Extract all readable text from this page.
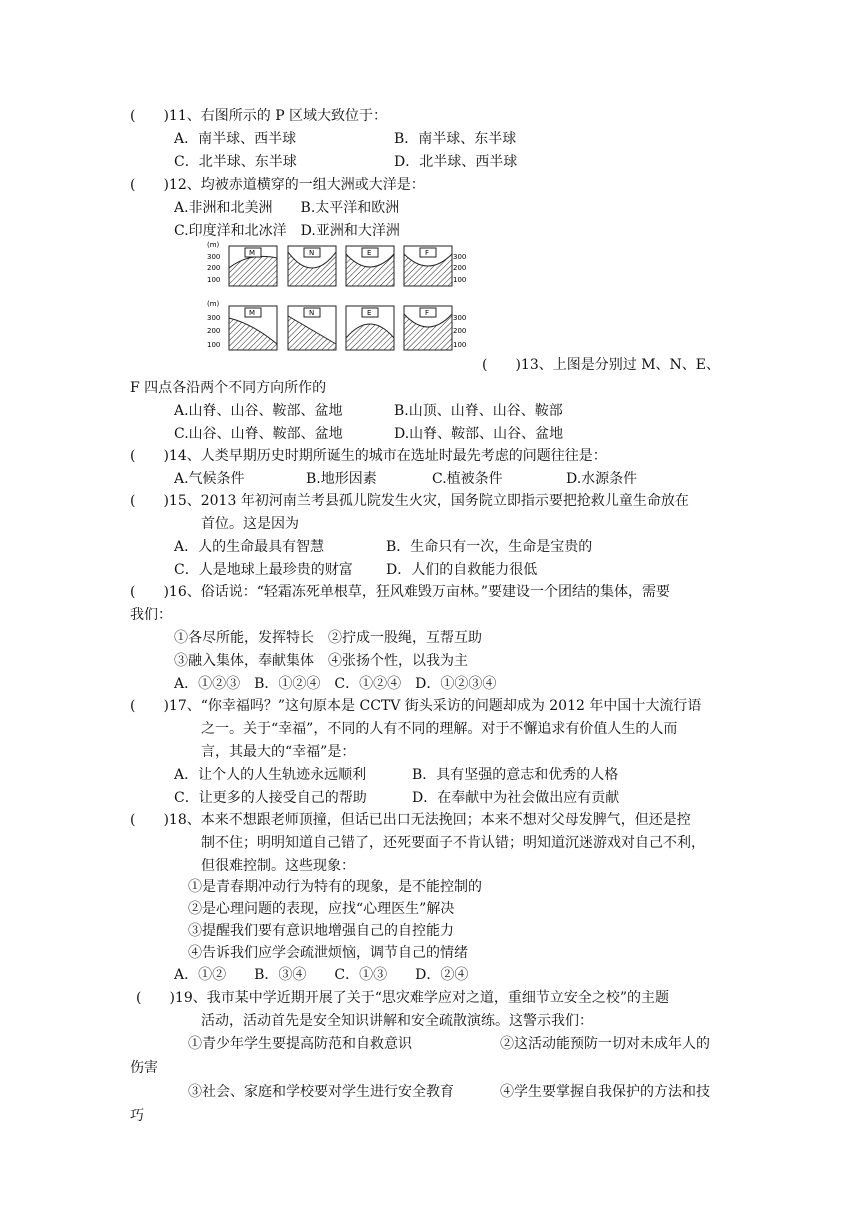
(　　)11、右图所示的 P 区域大致位于：
A．南半球、西半球	B．南半球、东半球
C．北半球、东半球	D．北半球、西半球
(　　)12、均被赤道横穿的一组大洲或大洋是：
A.非洲和北美洲　　B.太平洋和欧洲
C.印度洋和北冰洋　D.亚洲和大洋洲
(m)
300
200
100
300
200
100
M	N	E	F
(m)
300
200
100
300
200
100
M	N	E	F
(　　)13、上图是分别过 M、N、E、
F 四点各沿两个不同方向所作的
A.山脊、山谷、鞍部、盆地	B.山顶、山脊、山谷、鞍部
C.山谷、山脊、鞍部、盆地	D.山脊、鞍部、山谷、盆地
(　　)14、人类早期历史时期所诞生的城市在选址时最先考虑的问题往往是：
A.气候条件	B.地形因素	C.植被条件	D.水源条件
(　　)15、2013 年初河南兰考县孤儿院发生火灾，国务院立即指示要把抢救儿童生命放在
首位。这是因为
A．人的生命最具有智慧	B．生命只有一次，生命是宝贵的
C．人是地球上最珍贵的财富 D．人们的自救能力很低
(　　)16、俗话说：“轻霜冻死单根草，狂风难毁万亩林。”要建设一个团结的集体，需要
我们：
①各尽所能，发挥特长　②拧成一股绳，互帮互助
③融入集体，奉献集体　④张扬个性，以我为主
A．①②③　B．①②④　C．①②④　D．①②③④
(　　)17、“你幸福吗？”这句原本是 CCTV 街头采访的问题却成为 2012 年中国十大流行语
之一。关于“幸福”，不同的人有不同的理解。对于不懈追求有价值人生的人而
言，其最大的“幸福”是：
A．让个人的人生轨迹永远顺利	B．具有坚强的意志和优秀的人格
C．让更多的人接受自己的帮助	D．在奉献中为社会做出应有贡献
(　　)18、本来不想跟老师顶撞，但话已出口无法挽回；本来不想对父母发脾气，但还是控
制不住；明明知道自己错了，还死要面子不肯认错；明知道沉迷游戏对自己不利，
但很难控制。这些现象：
①是青春期冲动行为特有的现象，是不能控制的
②是心理问题的表现，应找“心理医生”解决
③提醒我们要有意识地增强自己的自控能力
④告诉我们应学会疏泄烦恼，调节自己的情绪
A．①②　　B．③④　　C．①③　　D．②④
(　　)19、我市某中学近期开展了关于“思灾难学应对之道，重细节立安全之校”的主题
活动，活动首先是安全知识讲解和安全疏散演练。这警示我们：
①青少年学生要提高防范和自救意识	②这活动能预防一切对未成年人的
伤害
③社会、家庭和学校要对学生进行安全教育	④学生要掌握自我保护的方法和技
巧
